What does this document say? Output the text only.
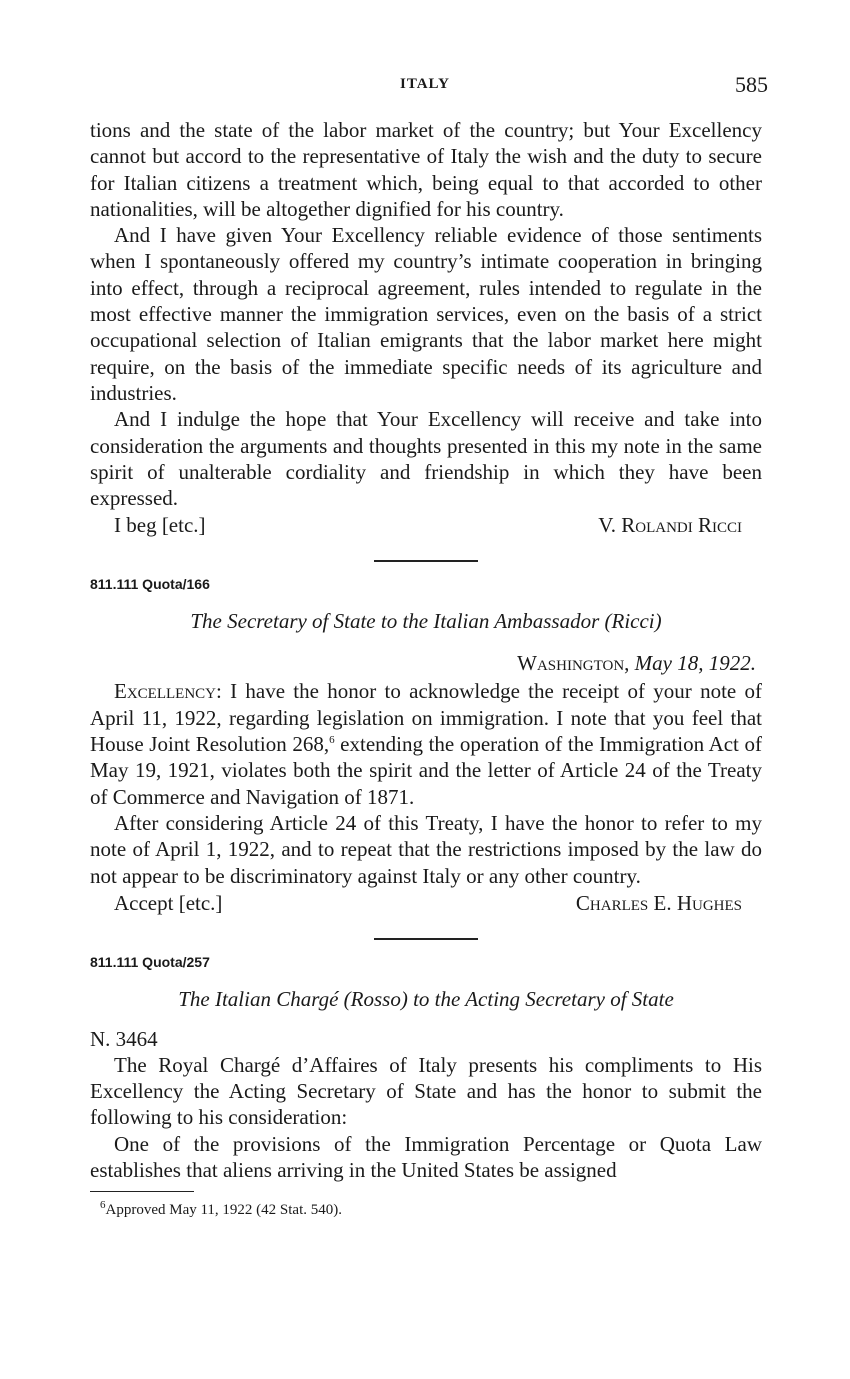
ITALY	585

tions and the state of the labor market of the country; but Your Excellency cannot but accord to the representative of Italy the wish and the duty to secure for Italian citizens a treatment which, being equal to that accorded to other nationalities, will be altogether dignified for his country.

And I have given Your Excellency reliable evidence of those sentiments when I spontaneously offered my country’s intimate cooperation in bringing into effect, through a reciprocal agreement, rules intended to regulate in the most effective manner the immigration services, even on the basis of a strict occupational selection of Italian emigrants that the labor market here might require, on the basis of the immediate specific needs of its agriculture and industries.

And I indulge the hope that Your Excellency will receive and take into consideration the arguments and thoughts presented in this my note in the same spirit of unalterable cordiality and friendship in which they have been expressed.

I beg [etc.]	V. Rolandi Ricci
811.111 Quota/166
The Secretary of State to the Italian Ambassador (Ricci)
Washington, May 18, 1922.

Excellency: I have the honor to acknowledge the receipt of your note of April 11, 1922, regarding legislation on immigration. I note that you feel that House Joint Resolution 268,$^6$ extending the operation of the Immigration Act of May 19, 1921, violates both the spirit and the letter of Article 24 of the Treaty of Commerce and Navigation of 1871.

After considering Article 24 of this Treaty, I have the honor to refer to my note of April 1, 1922, and to repeat that the restrictions imposed by the law do not appear to be discriminatory against Italy or any other country.

Accept [etc.]	Charles E. Hughes
811.111 Quota/257
The Italian Chargé (Rosso) to the Acting Secretary of State
N. 3464

The Royal Chargé d’Affaires of Italy presents his compliments to His Excellency the Acting Secretary of State and has the honor to submit the following to his consideration:

One of the provisions of the Immigration Percentage or Quota Law establishes that aliens arriving in the United States be assigned

$^6$Approved May 11, 1922 (42 Stat. 540).
